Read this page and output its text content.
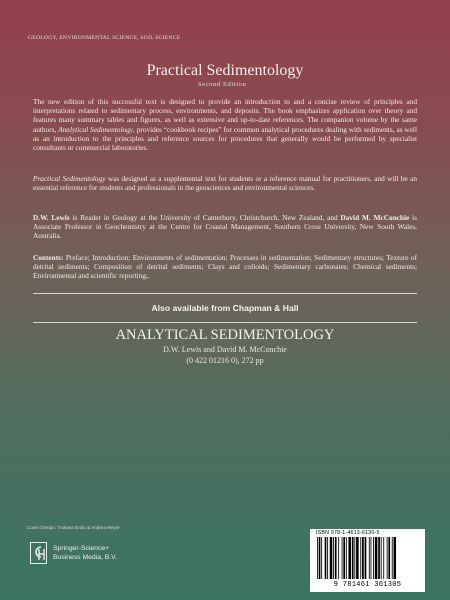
GEOLOGY, ENVIRONMENTAL SCIENCE, SOIL SCIENCE
Practical Sedimentology
Second Edition
The new edition of this successful text is designed to provide an introduction to and a concise review of principles and interpretations related to sedimentary process, environments, and deposits. The book emphasizes application over theory and features many summary tables and figures, as well as extensive and up-to-date references. The companion volume by the same authors, Analytical Sedimentology, provides “cookbook recipes” for common analytical procedures dealing with sediments, as well as an introduction to the principles and reference sources for procedures that generally would be performed by specialist consultants or commercial laboratories.
Practical Sedimentology was designed as a supplemental text for students or a reference manual for practitioners, and will be an essential reference for students and professionals in the geosciences and environmental sciences.
D.W. Lewis is Reader in Geology at the University of Canterbury, Christchurch, New Zealand, and David M. McConchie is Associate Professor in Geochemistry at the Centre for Coastal Management, Southern Cross University, New South Wales, Australia.
Contents: Preface; Introduction; Environments of sedimentation; Processes in sedimentation; Sedimentary structures; Texture of detrital sediments; Composition of detrital sediments; Clays and colloids; Sedimentary carbonates; Chemical sediments; Environmental and scientific reporting;.
Also available from Chapman & Hall
ANALYTICAL SEDIMENTOLOGY
D.W. Lewis and David M. McConchie
(0 422 01216 0), 272 pp
Cover Design: Trukasa Endo & Andrea Meyer
Springer-Science+
Business Media, B.V.
ISBN 978-1-4613-6130-5
9 781461 361305
